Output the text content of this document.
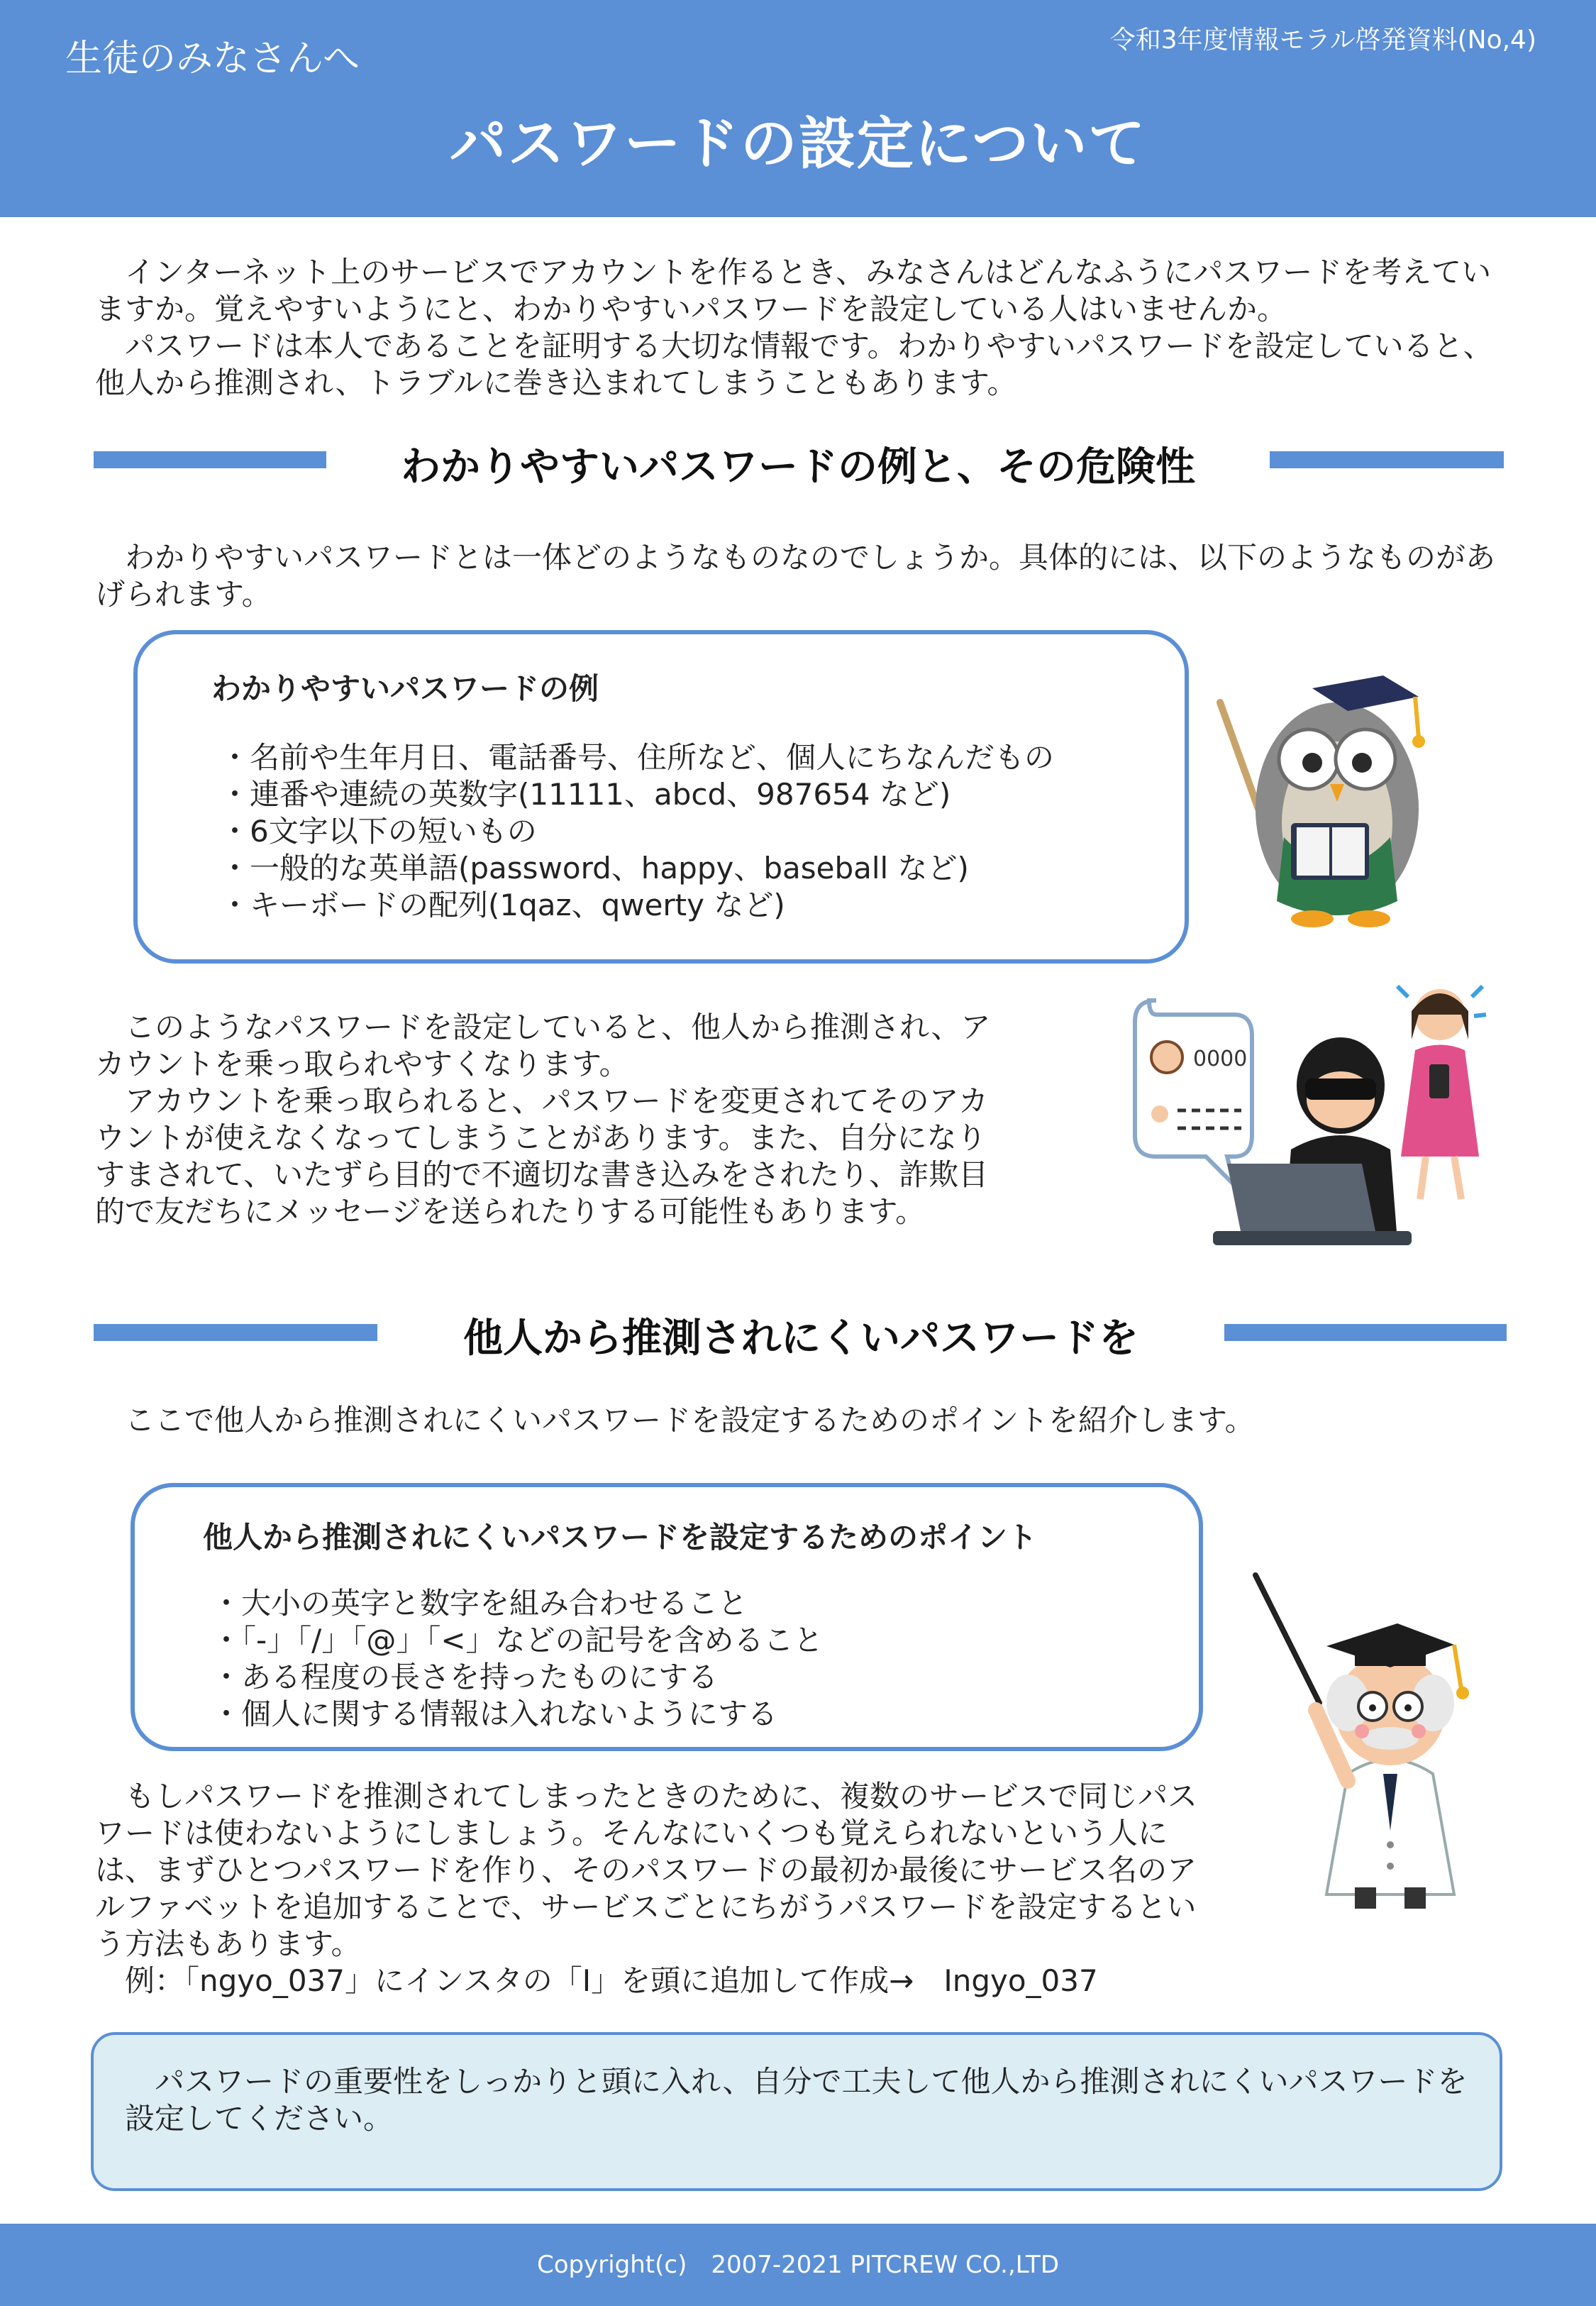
生徒のみなさんへ	令和3年度情報モラル啓発資料(No,4)
パスワードの設定について

インターネット上のサービスでアカウントを作るとき、みなさんはどんなふうにパスワードを考えていますか。覚えやすいようにと、わかりやすいパスワードを設定している人はいませんか。

パスワードは本人であることを証明する大切な情報です。わかりやすいパスワードを設定していると、他人から推測され、トラブルに巻き込まれてしまうこともあります。

わかりやすいパスワードの例と、その危険性

わかりやすいパスワードとは一体どのようなものなのでしょうか。具体的には、以下のようなものがあげられます。

わかりやすいパスワードの例
・ 名前や生年月日、電話番号、住所など、個人にちなんだもの
・ 連番や連続の英数字(11111、abcd、987654 など)
・ 6文字以下の短いもの
・ 一般的な英単語(password、happy、baseball など)
・ キーボードの配列(1qaz、qwerty など)

このようなパスワードを設定していると、他人から推測され、アカウントを乗っ取られやすくなります。

アカウントを乗っ取られると、パスワードを変更されてそのアカウントが使えなくなってしまうことがあります。また、自分になりすまされて、いたずら目的で不適切な書き込みをされたり、詐欺目的で友だちにメッセージを送られたりする可能性もあります。

0000
他人から推測されにくいパスワードを

ここで他人から推測されにくいパスワードを設定するためのポイントを紹介します。

他人から推測されにくいパスワードを設定するためのポイント
・ 大小の英字と数字を組み合わせること
・ 「-」「/」「@」「<」などの記号を含めること
・ ある程度の長さを持ったものにする
・ 個人に関する情報は入れないようにする

もしパスワードを推測されてしまったときのために、複数のサービスで同じパスワードは使わないようにしましょう。そんなにいくつも覚えられないという人には、まずひとつパスワードを作り、そのパスワードの最初か最後にサービス名のアルファベットを追加することで、サービスごとにちがうパスワードを設定するという方法もあります。

例：「ngyo_037」にインスタの「I」を頭に追加して作成→　Ingyo_037

パスワードの重要性をしっかりと頭に入れ、自分で工夫して他人から推測されにくいパスワードを設定してください。

Copyright(c)　2007-2021 PITCREW CO.,LTD
